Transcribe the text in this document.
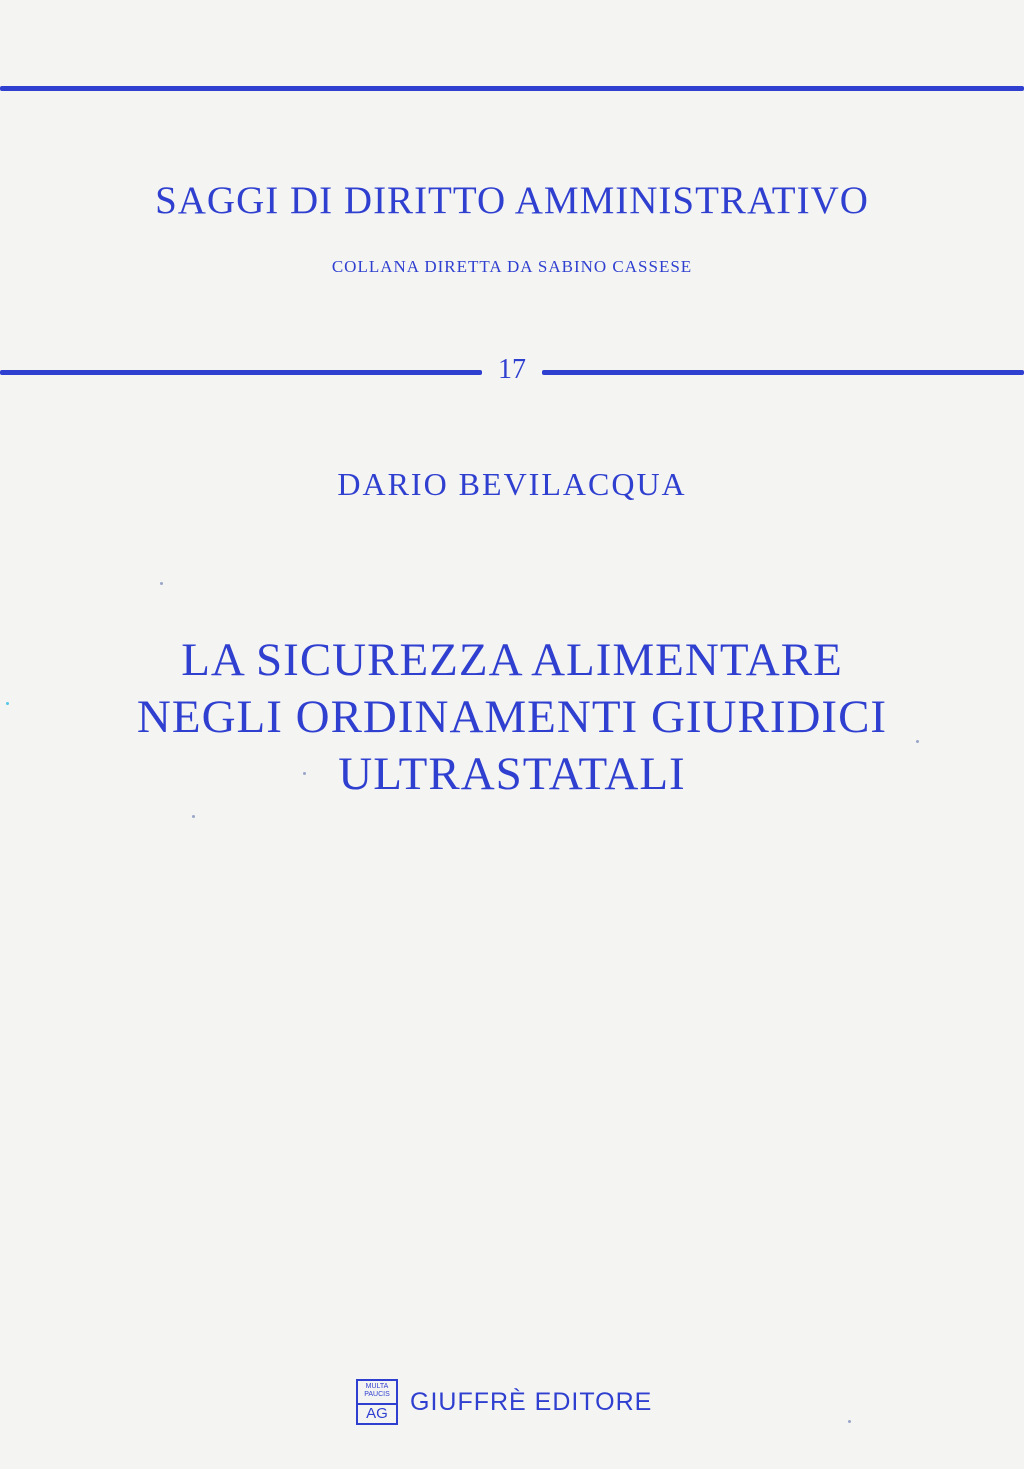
SAGGI DI DIRITTO AMMINISTRATIVO
COLLANA DIRETTA DA SABINO CASSESE
17
DARIO BEVILACQUA
LA SICUREZZA ALIMENTARE
NEGLI ORDINAMENTI GIURIDICI
ULTRASTATALI
MULTA PAUCIS
AG GIUFFRÈ EDITORE
